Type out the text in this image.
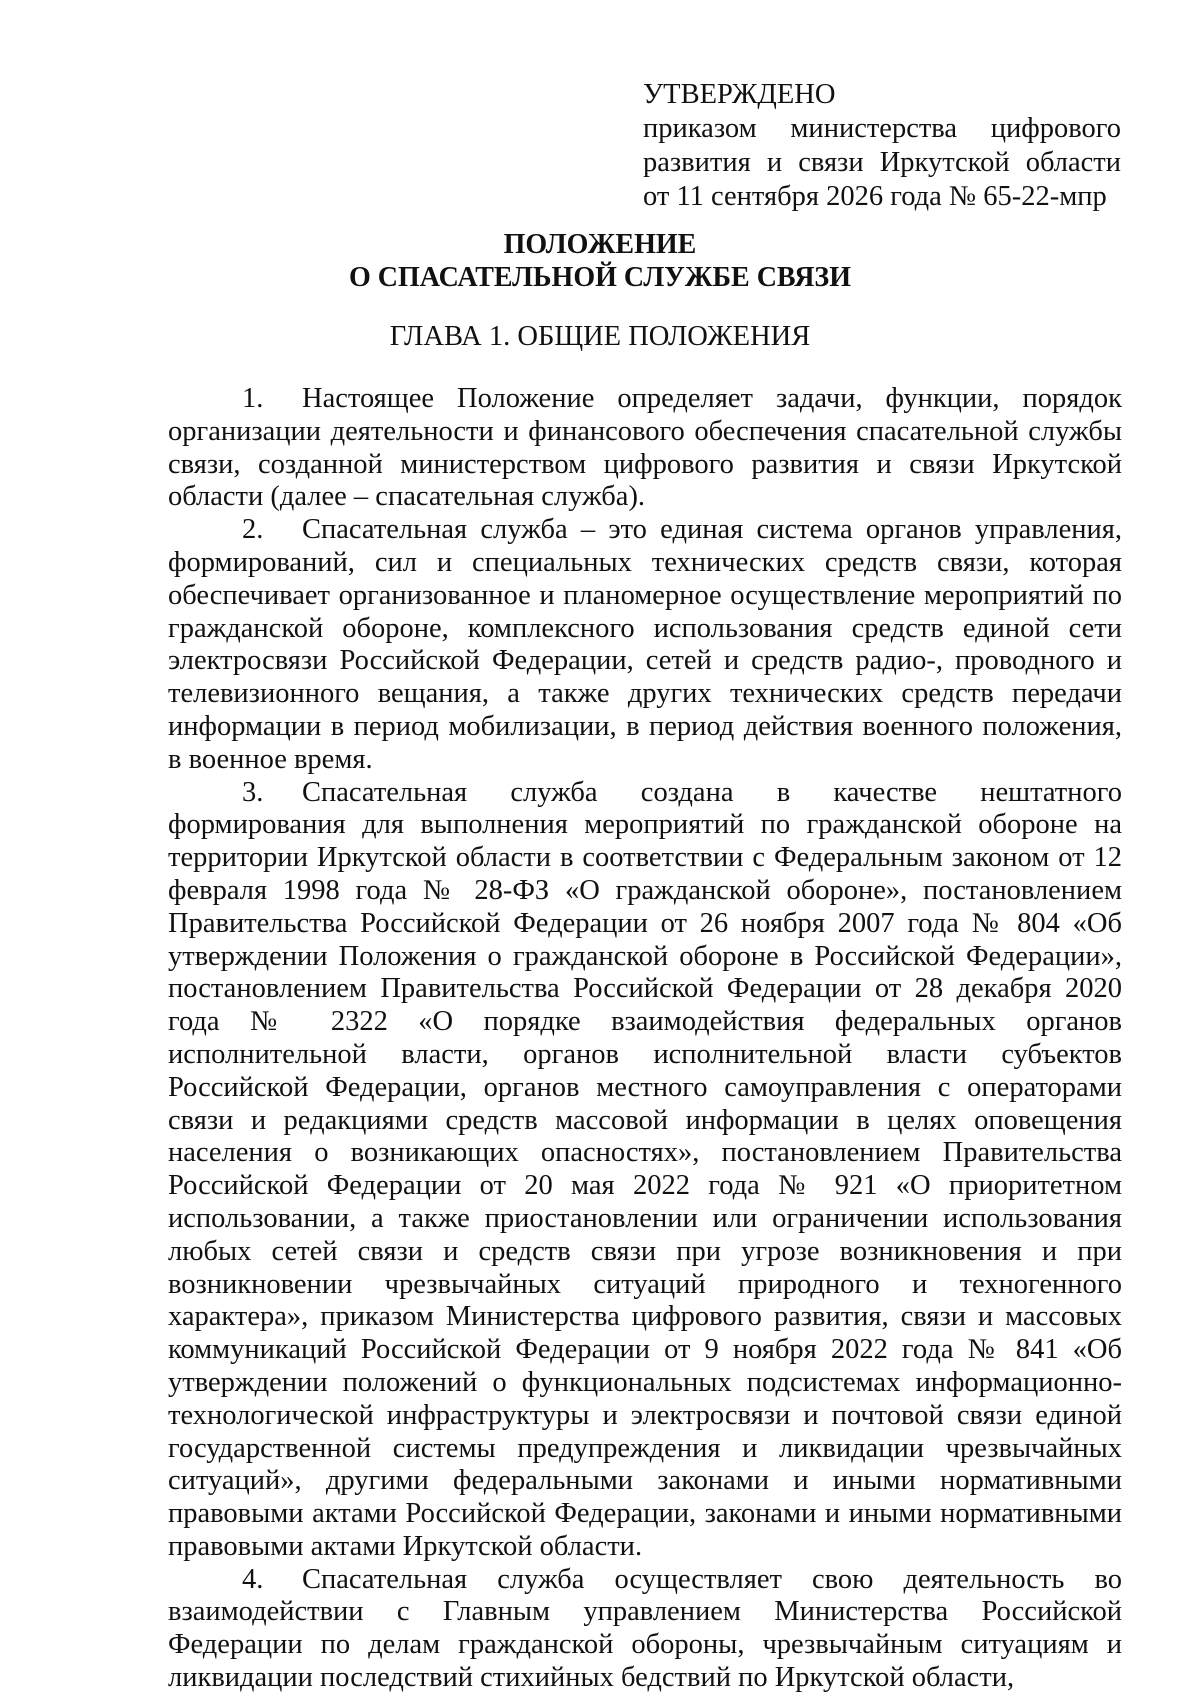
УТВЕРЖДЕНО

приказом министерства цифрового

развития и связи Иркутской области

от 11 сентября 2026 года № 65-22-мпр

ПОЛОЖЕНИЕ

О СПАСАТЕЛЬНОЙ СЛУЖБЕ СВЯЗИ

ГЛАВА 1. ОБЩИЕ ПОЛОЖЕНИЯ

1. Настоящее Положение определяет задачи, функции, порядок организации деятельности и финансового обеспечения спасательной службы связи, созданной министерством цифрового развития и связи Иркутской области (далее – спасательная служба).

2. Спасательная служба – это единая система органов управления, формирований, сил и специальных технических средств связи, которая обеспечивает организованное и планомерное осуществление мероприятий по гражданской обороне, комплексного использования средств единой сети электросвязи Российской Федерации, сетей и средств радио-, проводного и телевизионного вещания, а также других технических средств передачи информации в период мобилизации, в период действия военного положения, в военное время.

3. Спасательная служба создана в качестве нештатного формирования для выполнения мероприятий по гражданской обороне на территории Иркутской области в соответствии с Федеральным законом от 12 февраля 1998 года № 28-ФЗ «О гражданской обороне», постановлением Правительства Российской Федерации от 26 ноября 2007 года № 804 «Об утверждении Положения о гражданской обороне в Российской Федерации», постановлением Правительства Российской Федерации от 28 декабря 2020 года № 2322 «О порядке взаимодействия федеральных органов исполнительной власти, органов исполнительной власти субъектов Российской Федерации, органов местного самоуправления с операторами связи и редакциями средств массовой информации в целях оповещения населения о возникающих опасностях», постановлением Правительства Российской Федерации от 20 мая 2022 года № 921 «О приоритетном использовании, а также приостановлении или ограничении использования любых сетей связи и средств связи при угрозе возникновения и при возникновении чрезвычайных ситуаций природного и техногенного характера», приказом Министерства цифрового развития, связи и массовых коммуникаций Российской Федерации от 9 ноября 2022 года № 841 «Об утверждении положений о функциональных подсистемах информационно-технологической инфраструктуры и электросвязи и почтовой связи единой государственной системы предупреждения и ликвидации чрезвычайных ситуаций», другими федеральными законами и иными нормативными правовыми актами Российской Федерации, законами и иными нормативными правовыми актами Иркутской области.

4. Спасательная служба осуществляет свою деятельность во взаимодействии с Главным управлением Министерства Российской Федерации по делам гражданской обороны, чрезвычайным ситуациям и ликвидации последствий стихийных бедствий по Иркутской области,
